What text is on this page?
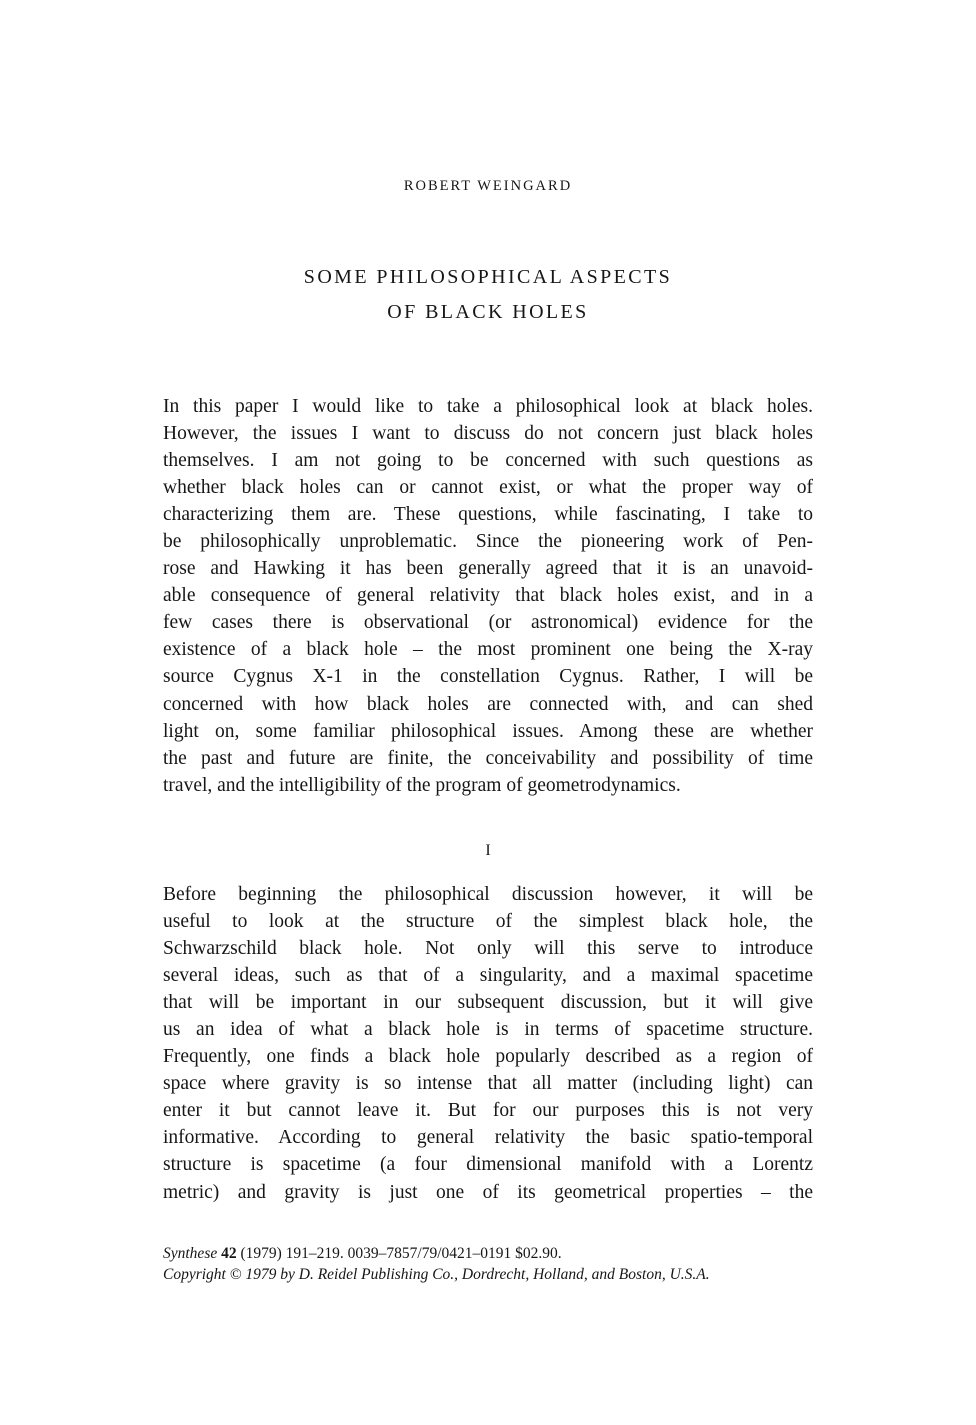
ROBERT WEINGARD

SOME PHILOSOPHICAL ASPECTS
OF BLACK HOLES
In this paper I would like to take a philosophical look at black holes.
However, the issues I want to discuss do not concern just black holes
themselves. I am not going to be concerned with such questions as
whether black holes can or cannot exist, or what the proper way of
characterizing them are. These questions, while fascinating, I take to
be philosophically unproblematic. Since the pioneering work of Pen-
rose and Hawking it has been generally agreed that it is an unavoid-
able consequence of general relativity that black holes exist, and in a
few cases there is observational (or astronomical) evidence for the
existence of a black hole – the most prominent one being the X-ray
source Cygnus X-1 in the constellation Cygnus. Rather, I will be
concerned with how black holes are connected with, and can shed
light on, some familiar philosophical issues. Among these are whether
the past and future are finite, the conceivability and possibility of time
travel, and the intelligibility of the program of geometrodynamics.

I

Before beginning the philosophical discussion however, it will be
useful to look at the structure of the simplest black hole, the
Schwarzschild black hole. Not only will this serve to introduce
several ideas, such as that of a singularity, and a maximal spacetime
that will be important in our subsequent discussion, but it will give
us an idea of what a black hole is in terms of spacetime structure.
Frequently, one finds a black hole popularly described as a region of
space where gravity is so intense that all matter (including light) can
enter it but cannot leave it. But for our purposes this is not very
informative. According to general relativity the basic spatio-temporal
structure is spacetime (a four dimensional manifold with a Lorentz
metric) and gravity is just one of its geometrical properties – the
Synthese 42 (1979) 191–219. 0039–7857/79/0421–0191 $02.90.
Copyright © 1979 by D. Reidel Publishing Co., Dordrecht, Holland, and Boston, U.S.A.
